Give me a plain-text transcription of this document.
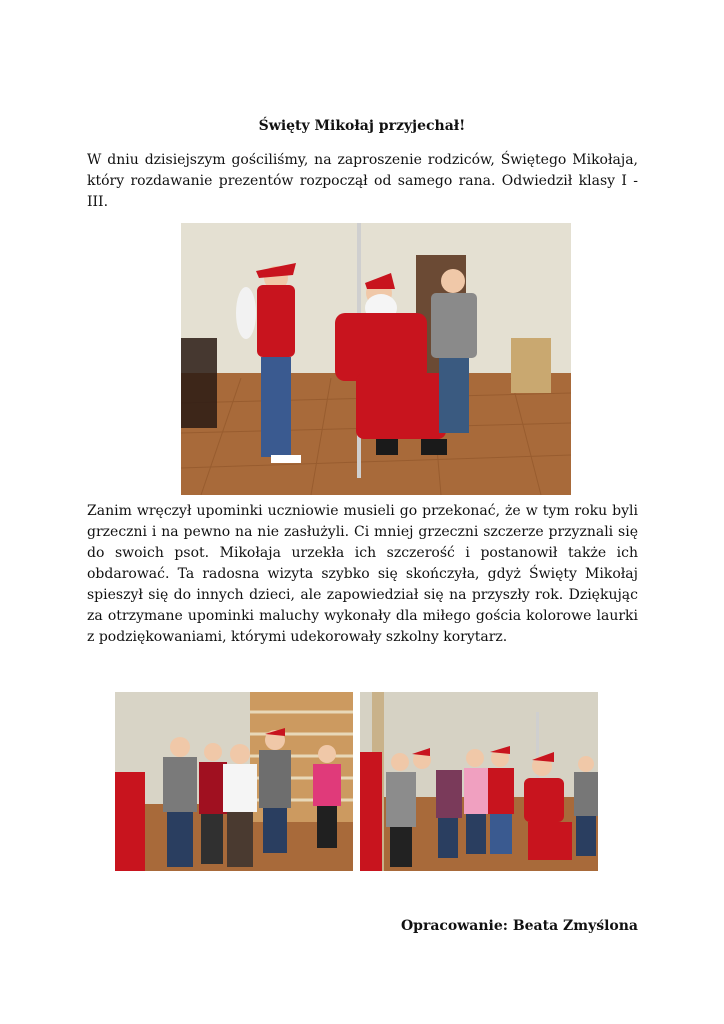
Święty Mikołaj przyjechał!
W dniu dzisiejszym gościliśmy, na zaproszenie rodziców, Świętego Mikołaja, który rozdawanie prezentów rozpoczął od samego rana. Odwiedził klasy I - III.
Zanim wręczył upominki uczniowie musieli go przekonać, że w tym roku byli grzeczni i na pewno na nie zasłużyli. Ci mniej grzeczni szczerze przyznali się do swoich psot. Mikołaja urzekła ich szczerość i postanowił także ich obdarować. Ta radosna wizyta szybko się skończyła, gdyż Święty Mikołaj spieszył się do innych dzieci, ale zapowiedział się na przyszły rok. Dziękując za otrzymane upominki maluchy wykonały dla miłego gościa kolorowe laurki z podziękowaniami, którymi udekorowały szkolny korytarz.
Opracowanie: Beata Zmyślona
